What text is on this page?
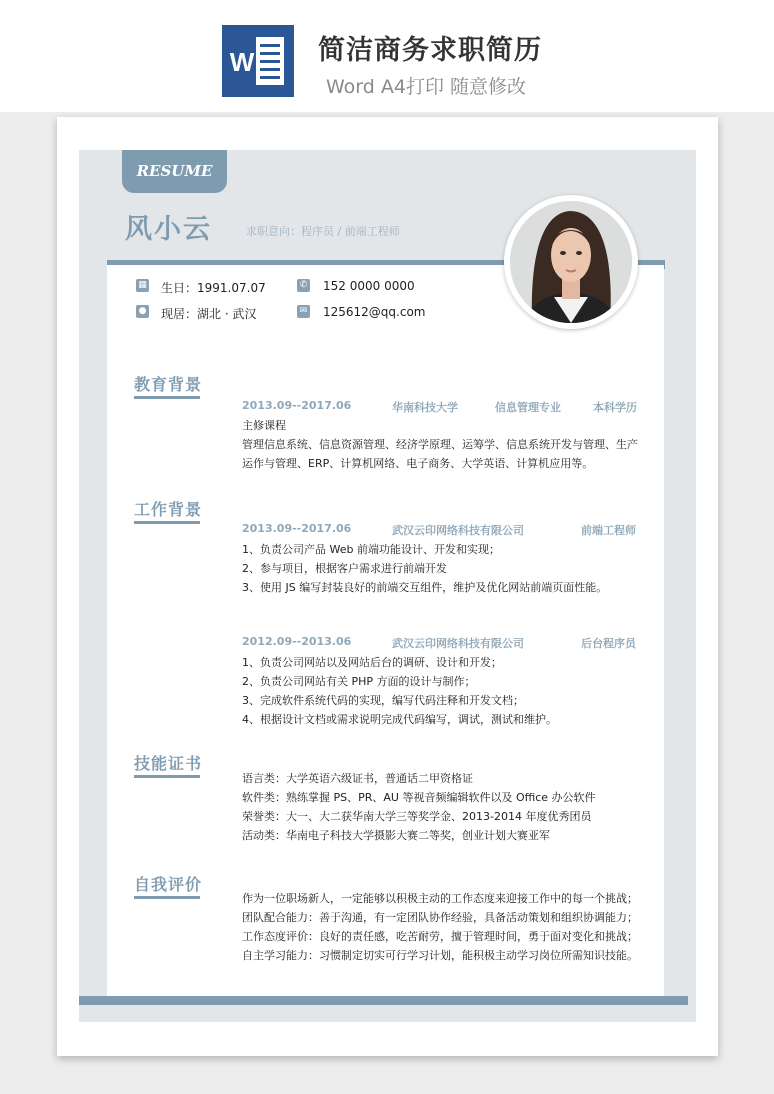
W 简洁商务求职简历
Word A4打印 随意修改
RESUME
风小云	求职意向：程序员 / 前端工程师
▦ 生日：1991.07.07	✆ 152 0000 0000
● 现居：湖北 · 武汉	✉ 125612@qq.com
教育背景
2013.09--2017.06	华南科技大学	信息管理专业	本科学历
主修课程
管理信息系统、信息资源管理、经济学原理、运筹学、信息系统开发与管理、生产
运作与管理、ERP、计算机网络、电子商务、大学英语、计算机应用等。
工作背景
2013.09--2017.06	武汉云印网络科技有限公司	前端工程师
1、负责公司产品 Web 前端功能设计、开发和实现；
2、参与项目，根据客户需求进行前端开发
3、使用 JS 编写封装良好的前端交互组件，维护及优化网站前端页面性能。
2012.09--2013.06	武汉云印网络科技有限公司	后台程序员
1、负责公司网站以及网站后台的调研、设计和开发；
2、负责公司网站有关 PHP 方面的设计与制作；
3、完成软件系统代码的实现，编写代码注释和开发文档；
4、根据设计文档或需求说明完成代码编写，调试，测试和维护。
技能证书
语言类：大学英语六级证书，普通话二甲资格证
软件类：熟练掌握 PS、PR、AU 等视音频编辑软件以及 Office 办公软件
荣誉类：大一、大二获华南大学三等奖学金、2013-2014 年度优秀团员
活动类：华南电子科技大学摄影大赛二等奖，创业计划大赛亚军
自我评价
作为一位职场新人，一定能够以积极主动的工作态度来迎接工作中的每一个挑战；
团队配合能力：善于沟通，有一定团队协作经验，具备活动策划和组织协调能力；
工作态度评价：良好的责任感，吃苦耐劳，擅于管理时间，勇于面对变化和挑战；
自主学习能力：习惯制定切实可行学习计划，能积极主动学习岗位所需知识技能。
